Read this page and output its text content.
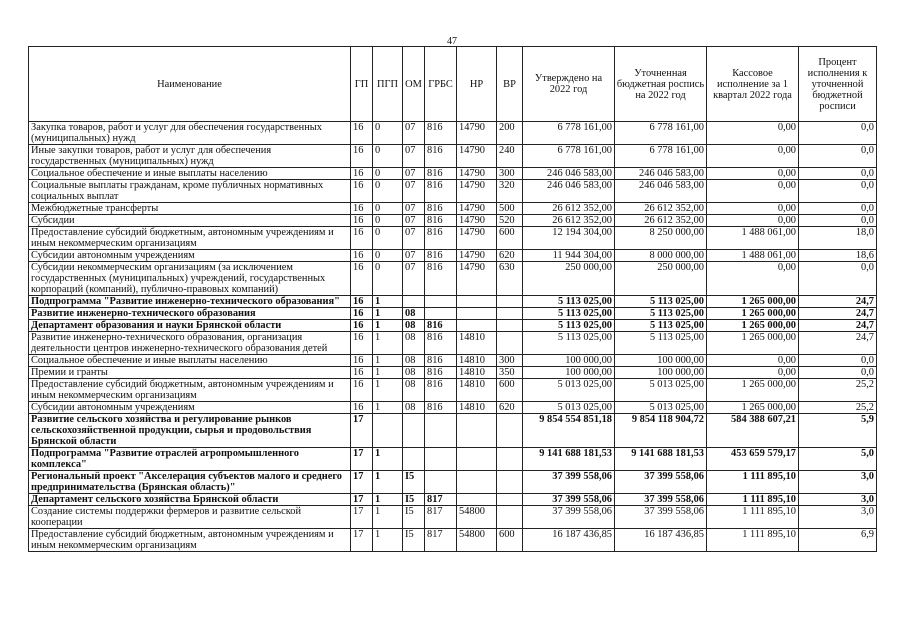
47
Наименование	ГП	ПГП	ОМ	ГРБС	НР	ВР	Утверждено на 2022 год	Уточненная бюджетная роспись на 2022 год	Кассовое исполнение за 1 квартал 2022 года	Процент исполнения к уточненной бюджетной росписи
Закупка товаров, работ и услуг для обеспечения государственных (муниципальных) нужд	16	0	07	816	14790	200	6 778 161,00	6 778 161,00	0,00	0,0
Иные закупки товаров, работ и услуг для обеспечения государственных (муниципальных) нужд	16	0	07	816	14790	240	6 778 161,00	6 778 161,00	0,00	0,0
Социальное обеспечение и иные выплаты населению	16	0	07	816	14790	300	246 046 583,00	246 046 583,00	0,00	0,0
Социальные выплаты гражданам, кроме публичных нормативных социальных выплат	16	0	07	816	14790	320	246 046 583,00	246 046 583,00	0,00	0,0
Межбюджетные трансферты	16	0	07	816	14790	500	26 612 352,00	26 612 352,00	0,00	0,0
Субсидии	16	0	07	816	14790	520	26 612 352,00	26 612 352,00	0,00	0,0
Предоставление субсидий бюджетным, автономным учреждениям и иным некоммерческим организациям	16	0	07	816	14790	600	12 194 304,00	8 250 000,00	1 488 061,00	18,0
Субсидии автономным учреждениям	16	0	07	816	14790	620	11 944 304,00	8 000 000,00	1 488 061,00	18,6
Субсидии некоммерческим организациям (за исключением государственных (муниципальных) учреждений, государственных корпораций (компаний), публично-правовых компаний)	16	0	07	816	14790	630	250 000,00	250 000,00	0,00	0,0
Подпрограмма "Развитие инженерно-технического образования"	16	1					5 113 025,00	5 113 025,00	1 265 000,00	24,7
Развитие инженерно-технического образования	16	1	08				5 113 025,00	5 113 025,00	1 265 000,00	24,7
Департамент образования и науки Брянской области	16	1	08	816			5 113 025,00	5 113 025,00	1 265 000,00	24,7
Развитие инженерно-технического образования, организация деятельности центров инженерно-технического образования детей	16	1	08	816	14810		5 113 025,00	5 113 025,00	1 265 000,00	24,7
Социальное обеспечение и иные выплаты населению	16	1	08	816	14810	300	100 000,00	100 000,00	0,00	0,0
Премии и гранты	16	1	08	816	14810	350	100 000,00	100 000,00	0,00	0,0
Предоставление субсидий бюджетным, автономным учреждениям и иным некоммерческим организациям	16	1	08	816	14810	600	5 013 025,00	5 013 025,00	1 265 000,00	25,2
Субсидии автономным учреждениям	16	1	08	816	14810	620	5 013 025,00	5 013 025,00	1 265 000,00	25,2
Развитие сельского хозяйства и регулирование рынков сельскохозяйственной продукции, сырья и продовольствия Брянской области	17						9 854 554 851,18	9 854 118 904,72	584 388 607,21	5,9
Подпрограмма "Развитие отраслей агропромышленного комплекса"	17	1					9 141 688 181,53	9 141 688 181,53	453 659 579,17	5,0
Региональный проект "Акселерация субъектов малого и среднего предпринимательства (Брянская область)"	17	1	I5				37 399 558,06	37 399 558,06	1 111 895,10	3,0
Департамент сельского хозяйства Брянской области	17	1	I5	817			37 399 558,06	37 399 558,06	1 111 895,10	3,0
Создание системы поддержки фермеров и развитие сельской кооперации	17	1	I5	817	54800		37 399 558,06	37 399 558,06	1 111 895,10	3,0
Предоставление субсидий бюджетным, автономным учреждениям и иным некоммерческим организациям	17	1	I5	817	54800	600	16 187 436,85	16 187 436,85	1 111 895,10	6,9
